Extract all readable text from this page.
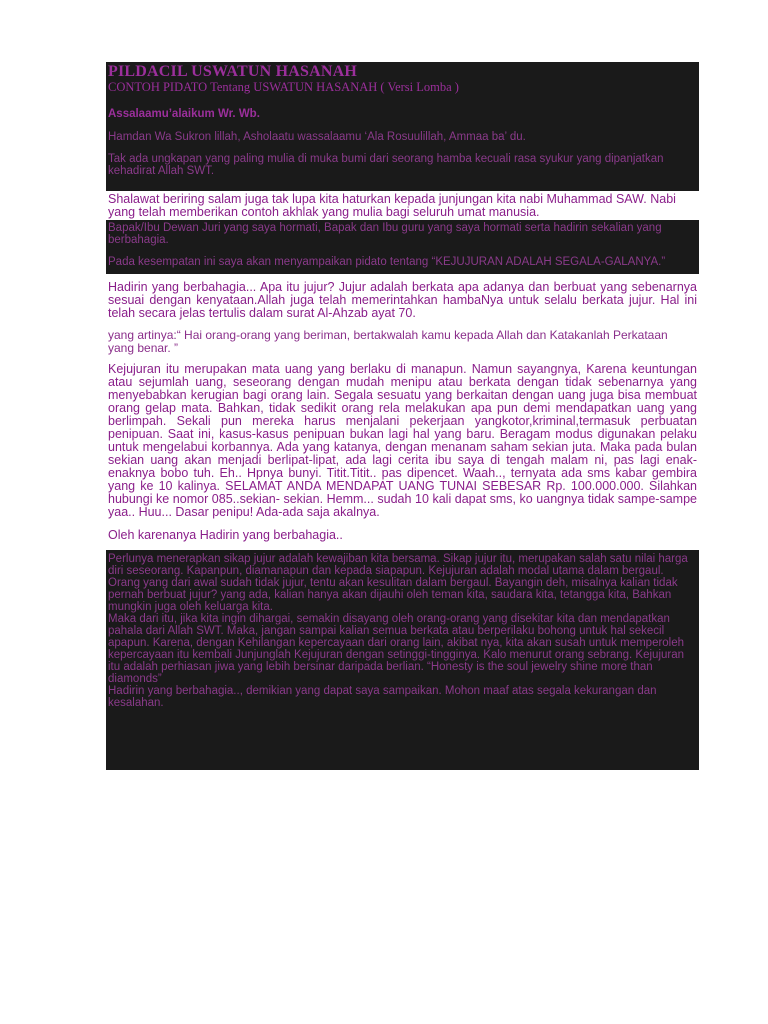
PILDACIL USWATUN HASANAH
CONTOH PIDATO Tentang USWATUN HASANAH ( Versi Lomba )
Assalaamu’alaikum Wr. Wb.

Hamdan Wa Sukron lillah, Asholaatu wassalaamu ‘Ala Rosuulillah, Ammaa ba’ du.

Tak ada ungkapan yang paling mulia di muka bumi dari seorang hamba kecuali rasa syukur yang dipanjatkan kehadirat Allah SWT.

Shalawat beriring salam juga tak lupa kita haturkan kepada junjungan kita nabi Muhammad SAW. Nabi yang telah memberikan contoh akhlak yang mulia bagi seluruh umat manusia.

Bapak/Ibu Dewan Juri yang saya hormati, Bapak dan Ibu guru yang saya hormati serta hadirin sekalian yang berbahagia.

Pada kesempatan ini saya akan menyampaikan pidato tentang “KEJUJURAN ADALAH SEGALA-GALANYA.”

Hadirin yang berbahagia... Apa itu jujur? Jujur adalah berkata apa adanya dan berbuat yang sebenarnya sesuai dengan kenyataan.Allah juga telah memerintahkan hambaNya untuk selalu berkata jujur. Hal ini telah secara jelas tertulis dalam surat Al-Ahzab ayat 70.

yang artinya:“ Hai orang-orang yang beriman, bertakwalah kamu kepada Allah dan Katakanlah Perkataan yang benar. ”

Kejujuran itu merupakan mata uang yang berlaku di manapun. Namun sayangnya, Karena keuntungan atau sejumlah uang, seseorang dengan mudah menipu atau berkata dengan tidak sebenarnya yang menyebabkan kerugian bagi orang lain. Segala sesuatu yang berkaitan dengan uang juga bisa membuat orang gelap mata. Bahkan, tidak sedikit orang rela melakukan apa pun demi mendapatkan uang yang berlimpah. Sekali pun mereka harus menjalani pekerjaan yangkotor,kriminal,termasuk perbuatan penipuan. Saat ini, kasus-kasus penipuan bukan lagi hal yang baru. Beragam modus digunakan pelaku untuk mengelabui korbannya. Ada yang katanya, dengan menanam saham sekian juta. Maka pada bulan sekian uang akan menjadi berlipat-lipat, ada lagi cerita ibu saya di tengah malam ni, pas lagi enak-enaknya bobo tuh. Eh.. Hpnya bunyi. Titit.Titit.. pas dipencet. Waah.., ternyata ada sms kabar gembira yang ke 10 kalinya. SELAMAT ANDA MENDAPAT UANG TUNAI SEBESAR Rp. 100.000.000. Silahkan hubungi ke nomor 085..sekian- sekian. Hemm... sudah 10 kali dapat sms, ko uangnya tidak sampe-sampe yaa.. Huu... Dasar penipu! Ada-ada saja akalnya.

Oleh karenanya Hadirin yang berbahagia..

Perlunya menerapkan sikap jujur adalah kewajiban kita bersama. Sikap jujur itu, merupakan salah satu nilai harga diri seseorang. Kapanpun, diamanapun dan kepada siapapun. Kejujuran adalah modal utama dalam bergaul. Orang yang dari awal sudah tidak jujur, tentu akan kesulitan dalam bergaul. Bayangin deh, misalnya kalian tidak pernah berbuat jujur? yang ada, kalian hanya akan dijauhi oleh teman kita, saudara kita, tetangga kita, Bahkan mungkin juga oleh keluarga kita.

Maka dari itu, jika kita ingin dihargai, semakin disayang oleh orang-orang yang disekitar kita dan mendapatkan pahala dari Allah SWT. Maka, jangan sampai kalian semua berkata atau berperilaku bohong untuk hal sekecil apapun. Karena, dengan Kehilangan kepercayaan dari orang lain, akibat nya, kita akan susah untuk memperoleh kepercayaan itu kembali Junjunglah Kejujuran dengan setinggi-tingginya. Kalo menurut orang sebrang. Kejujuran itu adalah perhiasan jiwa yang lebih bersinar daripada berlian. “Honesty is the soul jewelry shine more than diamonds”

Hadirin yang berbahagia.., demikian yang dapat saya sampaikan. Mohon maaf atas segala kekurangan dan kesalahan.
